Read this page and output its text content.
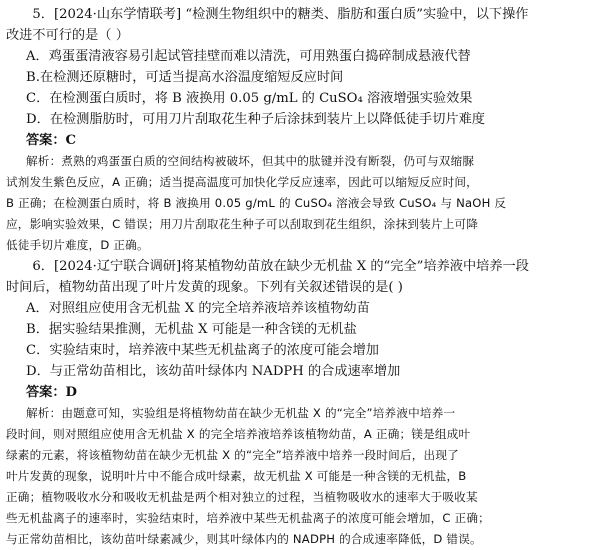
5．[2024·山东学情联考] “检测生物组织中的糖类、脂肪和蛋白质”实验中，以下操作
改进不可行的是（ ）
A．鸡蛋蛋清液容易引起试管挂壁而难以清洗，可用熟蛋白捣碎制成悬液代替
B.在检测还原糖时，可适当提高水浴温度缩短反应时间
C．在检测蛋白质时，将 B 液换用 0.05 g/mL 的 CuSO₄ 溶液增强实验效果
D．在检测脂肪时，可用刀片刮取花生种子后涂抹到装片上以降低徒手切片难度
答案：C
解析：煮熟的鸡蛋蛋白质的空间结构被破坏，但其中的肽键并没有断裂，仍可与双缩脲
试剂发生紫色反应，A 正确；适当提高温度可加快化学反应速率，因此可以缩短反应时间，
B 正确；在检测蛋白质时，将 B 液换用 0.05 g/mL 的 CuSO₄ 溶液会导致 CuSO₄ 与 NaOH 反
应，影响实验效果，C 错误；用刀片刮取花生种子可以刮取到花生组织，涂抹到装片上可降
低徒手切片难度，D 正确。
6．[2024·辽宁联合调研]将某植物幼苗放在缺少无机盐 X 的“完全”培养液中培养一段
时间后，植物幼苗出现了叶片发黄的现象。下列有关叙述错误的是( )
A．对照组应使用含无机盐 X 的完全培养液培养该植物幼苗
B．据实验结果推测，无机盐 X 可能是一种含镁的无机盐
C．实验结束时，培养液中某些无机盐离子的浓度可能会增加
D．与正常幼苗相比，该幼苗叶绿体内 NADPH 的合成速率增加
答案：D
解析：由题意可知，实验组是将植物幼苗在缺少无机盐 X 的“完全”培养液中培养一
段时间，则对照组应使用含无机盐 X 的完全培养液培养该植物幼苗，A 正确；镁是组成叶
绿素的元素，将该植物幼苗在缺少无机盐 X 的“完全”培养液中培养一段时间后，出现了
叶片发黄的现象，说明叶片中不能合成叶绿素，故无机盐 X 可能是一种含镁的无机盐，B
正确；植物吸收水分和吸收无机盐是两个相对独立的过程，当植物吸收水的速率大于吸收某
些无机盐离子的速率时，实验结束时，培养液中某些无机盐离子的浓度可能会增加，C 正确；
与正常幼苗相比，该幼苗叶绿素减少，则其叶绿体内的 NADPH 的合成速率降低，D 错误。
